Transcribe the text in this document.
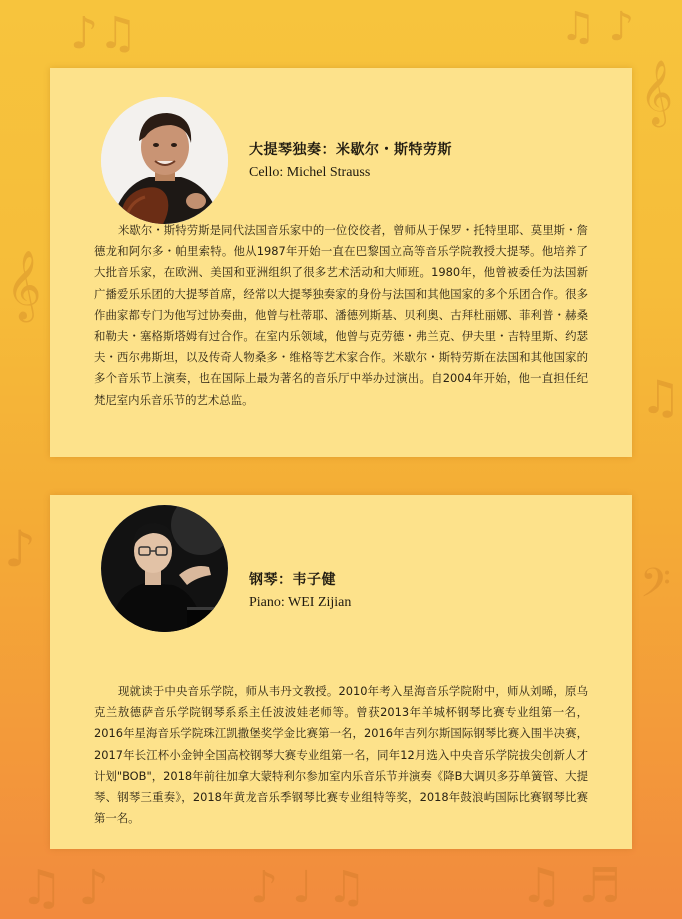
♪♫	♫ ♪
𝄞
𝄞
♫
♪
𝄢
♫ ♪	♪ ♩ ♫	♫ ♬
大提琴独奏：米歇尔・斯特劳斯
Cello: Michel Strauss
米歇尔・斯特劳斯是同代法国音乐家中的一位佼佼者，曾师从于保罗・托特里耶、莫里斯・詹德龙和阿尔多・帕里索特。他从1987年开始一直在巴黎国立高等音乐学院教授大提琴。他培养了大批音乐家，在欧洲、美国和亚洲组织了很多艺术活动和大师班。1980年，他曾被委任为法国新广播爱乐乐团的大提琴首席，经常以大提琴独奏家的身份与法国和其他国家的多个乐团合作。很多作曲家都专门为他写过协奏曲，他曾与杜蒂耶、潘德列斯基、贝利奥、古拜杜丽娜、菲利普・赫桑和勒夫・塞格斯塔姆有过合作。在室内乐领域，他曾与克劳德・弗兰克、伊夫里・吉特里斯、约瑟夫・西尔弗斯坦，以及传奇人物桑多・维格等艺术家合作。米歇尔・斯特劳斯在法国和其他国家的多个音乐节上演奏，也在国际上最为著名的音乐厅中举办过演出。自2004年开始，他一直担任纪梵尼室内乐音乐节的艺术总监。
钢琴：韦子健
Piano: WEI Zijian
现就读于中央音乐学院，师从韦丹文教授。2010年考入星海音乐学院附中，师从刘晞，原乌克兰敖德萨音乐学院钢琴系系主任波波娃老师等。曾获2013年羊城杯钢琴比赛专业组第一名，2016年星海音乐学院珠江凯撒堡奖学金比赛第一名，2016年吉列尔斯国际钢琴比赛入围半决赛，2017年长江杯小金钟全国高校钢琴大赛专业组第一名，同年12月选入中央音乐学院拔尖创新人才计划"BOB"，2018年前往加拿大蒙特利尔参加室内乐音乐节并演奏《降B大调贝多芬单簧管、大提琴、钢琴三重奏》，2018年黄龙音乐季钢琴比赛专业组特等奖，2018年鼓浪屿国际比赛钢琴比赛第一名。
